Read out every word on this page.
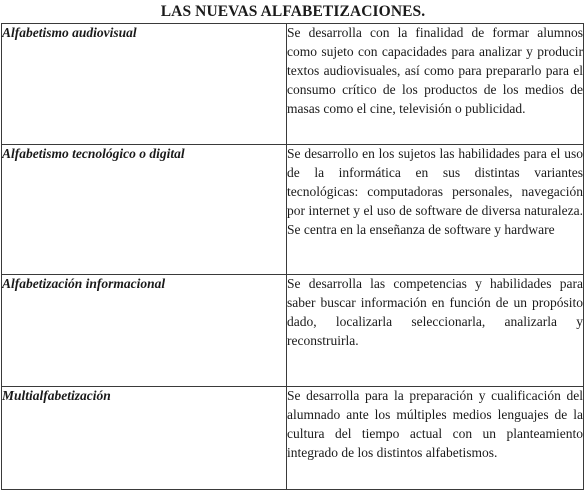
LAS NUEVAS ALFABETIZACIONES.
Alfabetismo audiovisual	Se desarrolla con la finalidad de formar alumnos como sujeto con capacidades para analizar y producir textos audiovisuales, así como para prepararlo para el consumo crítico de los productos de los medios de masas como el cine, televisión o publicidad.
Alfabetismo tecnológico o digital	Se desarrollo en los sujetos las habilidades para el uso de la informática en sus distintas variantes tecnológicas: computadoras personales, navegación por internet y el uso de software de diversa naturaleza. Se centra en la enseñanza de software y hardware
Alfabetización informacional	Se desarrolla las competencias y habilidades para saber buscar información en función de un propósito dado, localizarla seleccionarla, analizarla y reconstruirla.
Multialfabetización	Se desarrolla para la preparación y cualificación del alumnado ante los múltiples medios lenguajes de la cultura del tiempo actual con un planteamiento integrado de los distintos alfabetismos.
